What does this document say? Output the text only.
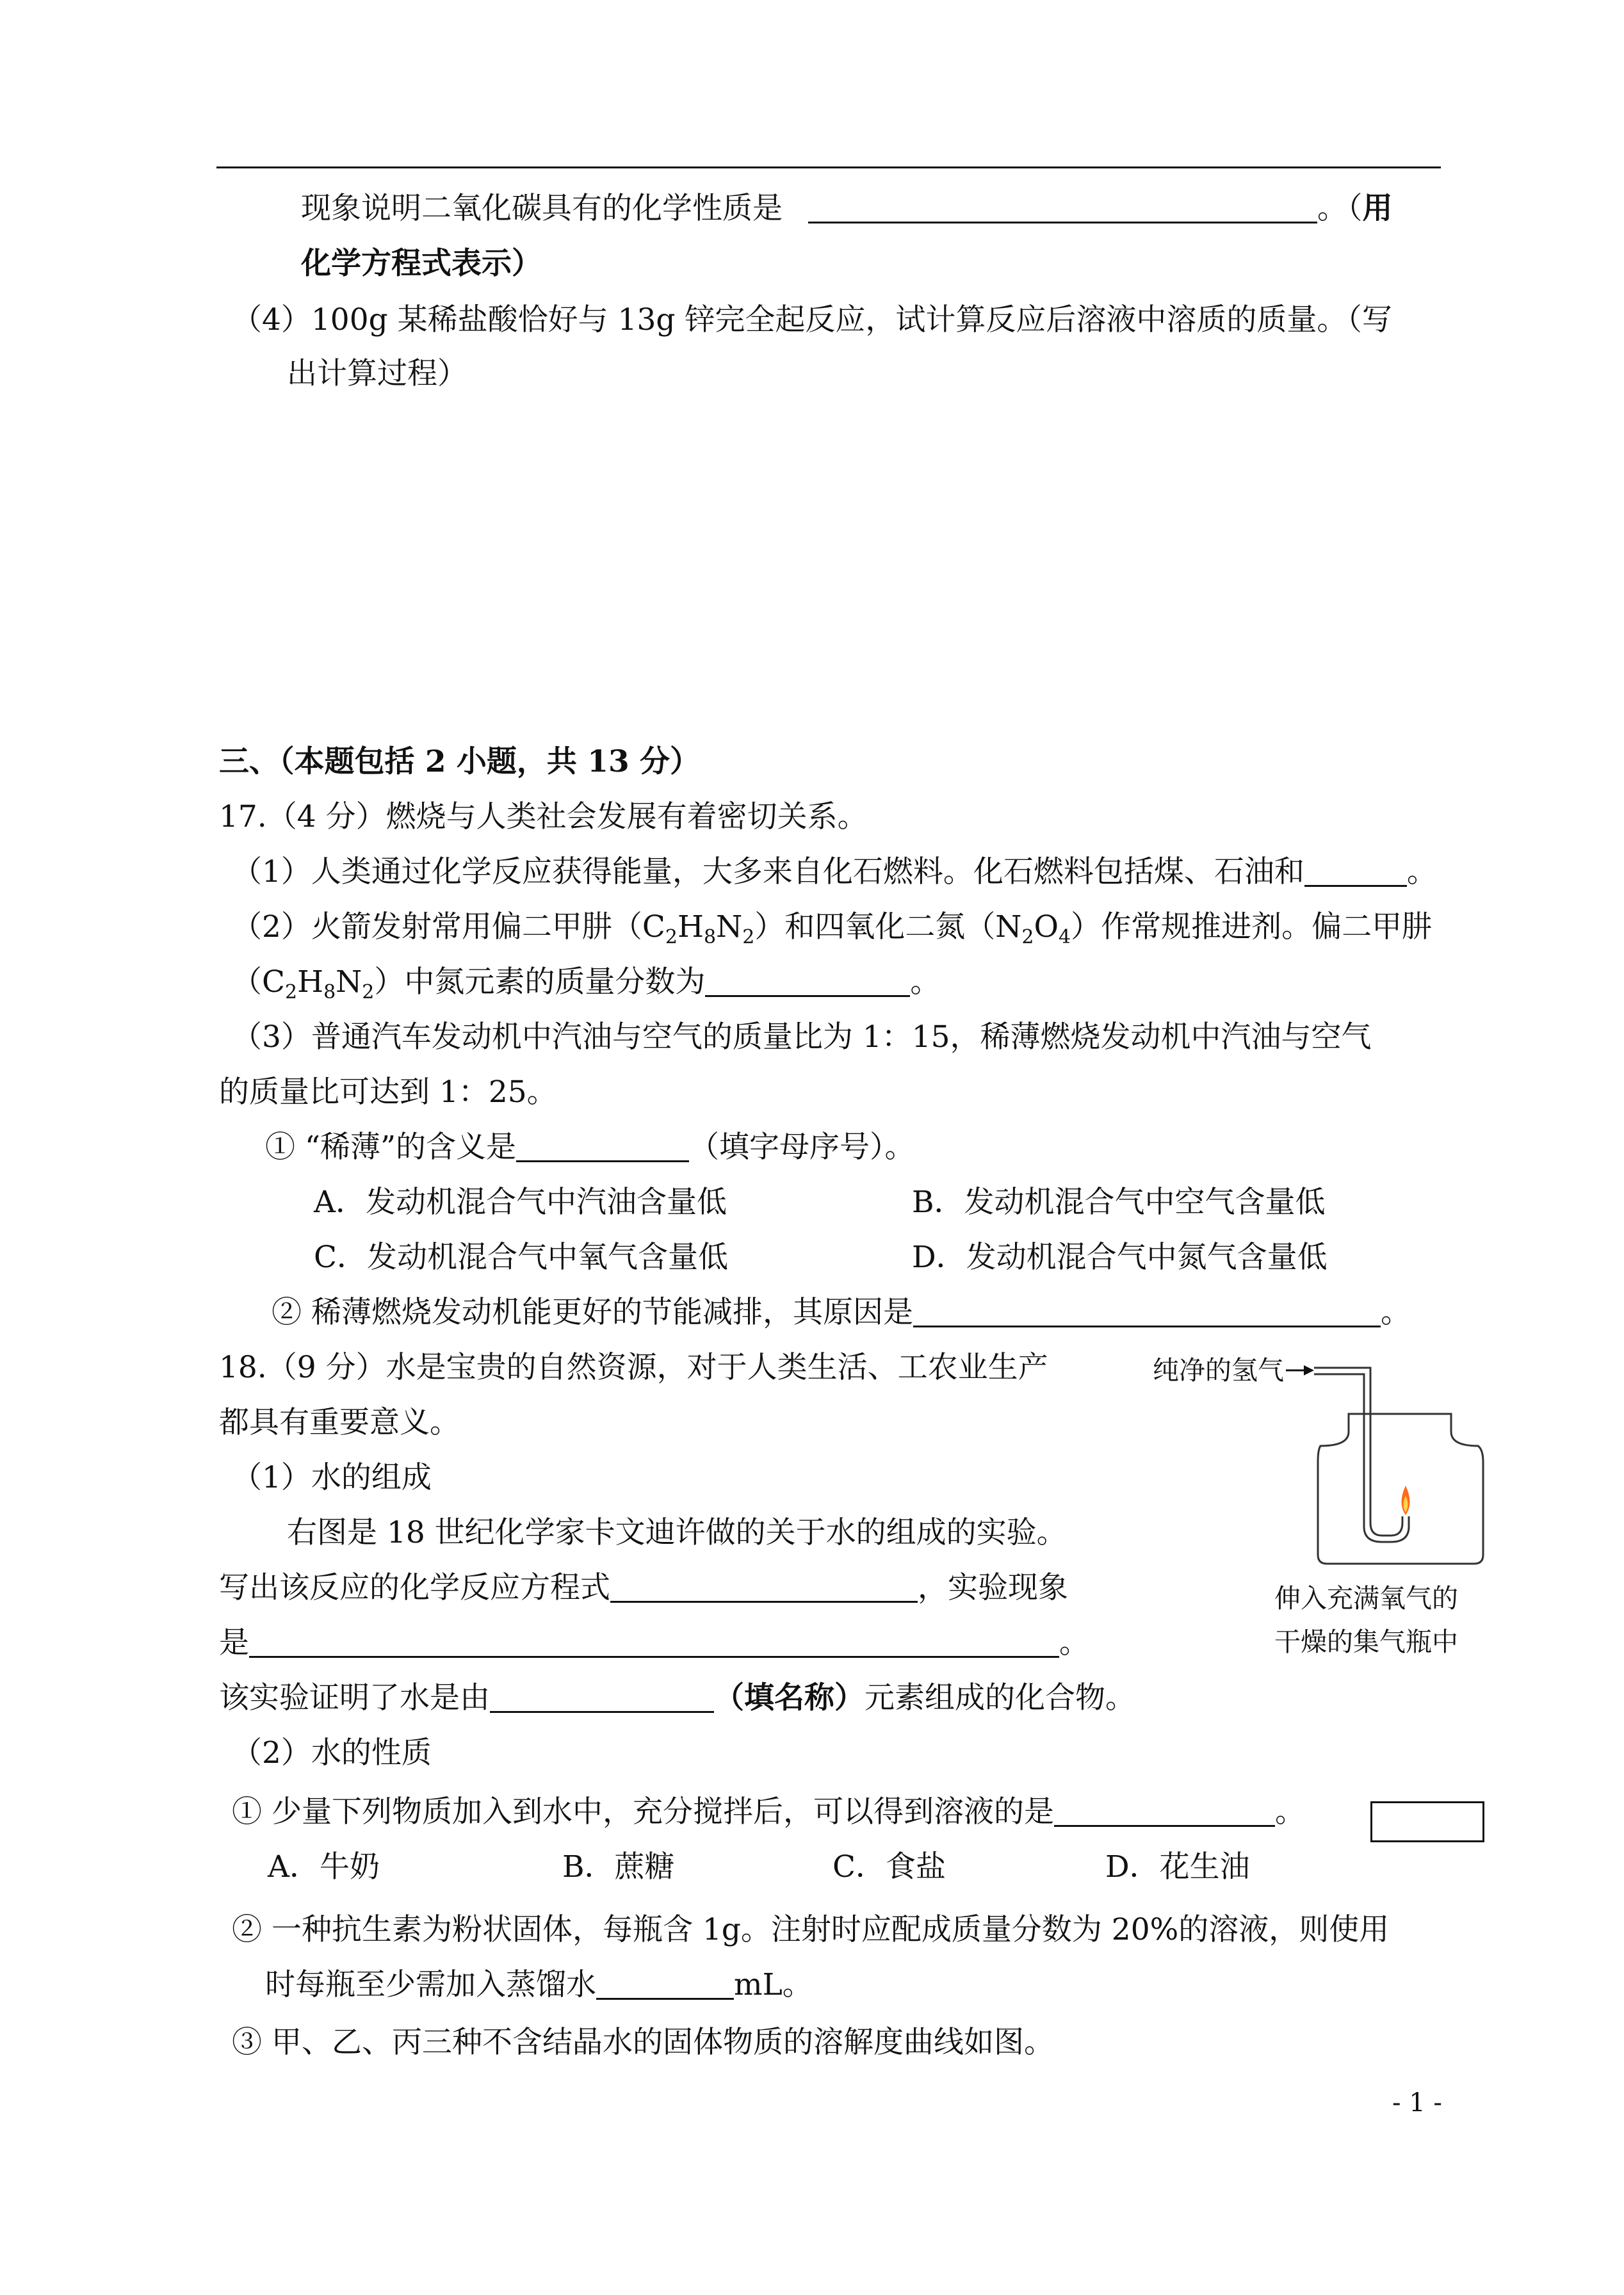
现象说明二氧化碳具有的化学性质是	。（用
化学方程式表示）
（4）100g 某稀盐酸恰好与 13g 锌完全起反应，试计算反应后溶液中溶质的质量。（写
出计算过程）
三、（本题包括 2 小题，共 13 分）
17.（4 分）燃烧与人类社会发展有着密切关系。
（1）人类通过化学反应获得能量，大多来自化石燃料。化石燃料包括煤、石油和	。
（2）火箭发射常用偏二甲肼$(C_2H_8N_2)$和四氧化二氮$(N_2O_4)$作常规推进剂。偏二甲肼
$(C_2H_8N_2)$中氮元素的质量分数为	。
（3）普通汽车发动机中汽油与空气的质量比为 1：15，稀薄燃烧发动机中汽油与空气
的质量比可达到 1：25。
① “稀薄”的含义是	（填字母序号）。
A．发动机混合气中汽油含量低	B．发动机混合气中空气含量低
C．发动机混合气中氧气含量低	D．发动机混合气中氮气含量低
② 稀薄燃烧发动机能更好的节能减排，其原因是	。
18.（9 分）水是宝贵的自然资源，对于人类生活、工农业生产
都具有重要意义。
（1）水的组成
右图是 18 世纪化学家卡文迪许做的关于水的组成的实验。
写出该反应的化学反应方程式	，实验现象
是	。
该实验证明了水是由	（填名称）元素组成的化合物。
（2）水的性质
① 少量下列物质加入到水中，充分搅拌后，可以得到溶液的是	。
A．牛奶	B．蔗糖	C．食盐	D．花生油
② 一种抗生素为粉状固体，每瓶含 1g。注射时应配成质量分数为 20%的溶液，则使用
时每瓶至少需加入蒸馏水	mL。
③ 甲、乙、丙三种不含结晶水的固体物质的溶解度曲线如图。
纯净的氢气
伸入充满氧气的
干燥的集气瓶中
- 1 -
